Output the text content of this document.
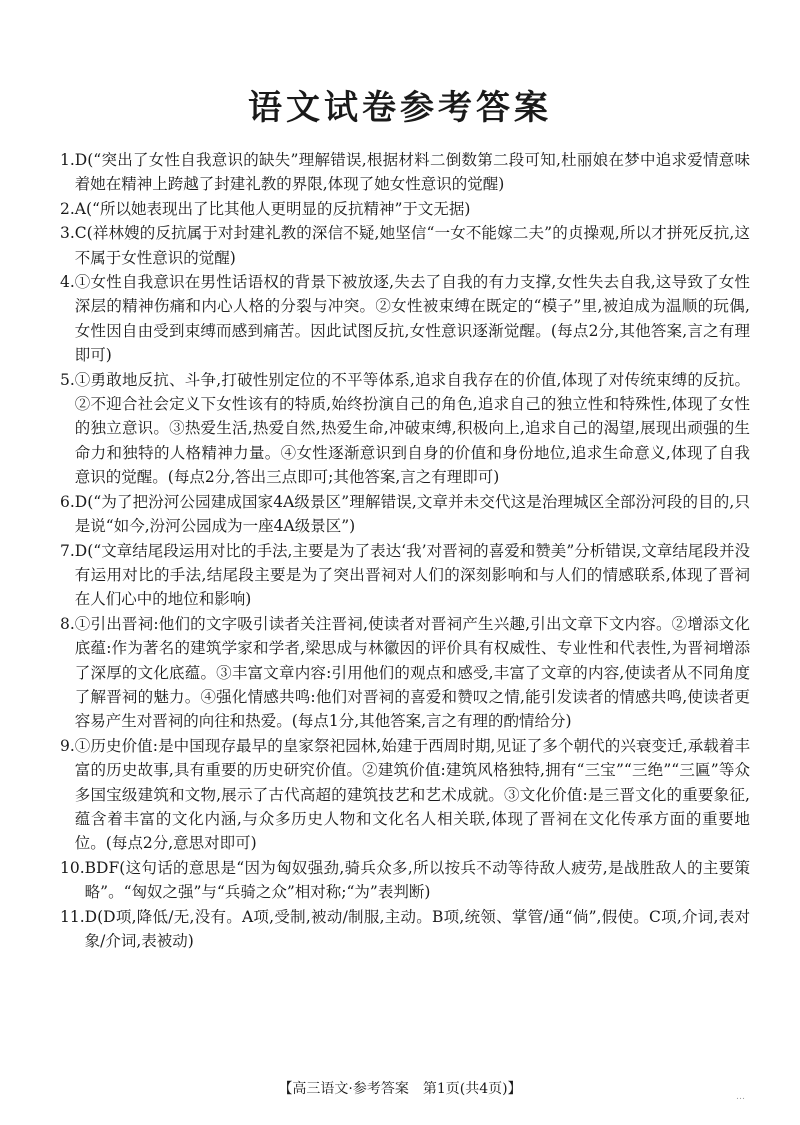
语文试卷参考答案
1. D(“突出了女性自我意识的缺失”理解错误,根据材料二倒数第二段可知,杜丽娘在梦中追求爱情意味着她在精神上跨越了封建礼教的界限,体现了她女性意识的觉醒)
2. A(“所以她表现出了比其他人更明显的反抗精神”于文无据)
3. C(祥林嫂的反抗属于对封建礼教的深信不疑,她坚信“一女不能嫁二夫”的贞操观,所以才拼死反抗,这不属于女性意识的觉醒)
4. ①女性自我意识在男性话语权的背景下被放逐,失去了自我的有力支撑,女性失去自我,这导致了女性深层的精神伤痛和内心人格的分裂与冲突。②女性被束缚在既定的“模子”里,被迫成为温顺的玩偶,女性因自由受到束缚而感到痛苦。因此试图反抗,女性意识逐渐觉醒。(每点2分,其他答案,言之有理即可)
5. ①勇敢地反抗、斗争,打破性别定位的不平等体系,追求自我存在的价值,体现了对传统束缚的反抗。②不迎合社会定义下女性该有的特质,始终扮演自己的角色,追求自己的独立性和特殊性,体现了女性的独立意识。③热爱生活,热爱自然,热爱生命,冲破束缚,积极向上,追求自己的渴望,展现出顽强的生命力和独特的人格精神力量。④女性逐渐意识到自身的价值和身份地位,追求生命意义,体现了自我意识的觉醒。(每点2分,答出三点即可;其他答案,言之有理即可)
6. D(“为了把汾河公园建成国家4A级景区”理解错误,文章并未交代这是治理城区全部汾河段的目的,只是说“如今,汾河公园成为一座4A级景区”)
7. D(“文章结尾段运用对比的手法,主要是为了表达‘我’对晋祠的喜爱和赞美”分析错误,文章结尾段并没有运用对比的手法,结尾段主要是为了突出晋祠对人们的深刻影响和与人们的情感联系,体现了晋祠在人们心中的地位和影响)
8. ①引出晋祠:他们的文字吸引读者关注晋祠,使读者对晋祠产生兴趣,引出文章下文内容。②增添文化底蕴:作为著名的建筑学家和学者,梁思成与林徽因的评价具有权威性、专业性和代表性,为晋祠增添了深厚的文化底蕴。③丰富文章内容:引用他们的观点和感受,丰富了文章的内容,使读者从不同角度了解晋祠的魅力。④强化情感共鸣:他们对晋祠的喜爱和赞叹之情,能引发读者的情感共鸣,使读者更容易产生对晋祠的向往和热爱。(每点1分,其他答案,言之有理的酌情给分)
9. ①历史价值:是中国现存最早的皇家祭祀园林,始建于西周时期,见证了多个朝代的兴衰变迁,承载着丰富的历史故事,具有重要的历史研究价值。②建筑价值:建筑风格独特,拥有“三宝”“三绝”“三匾”等众多国宝级建筑和文物,展示了古代高超的建筑技艺和艺术成就。③文化价值:是三晋文化的重要象征,蕴含着丰富的文化内涵,与众多历史人物和文化名人相关联,体现了晋祠在文化传承方面的重要地位。(每点2分,意思对即可)
10. BDF(这句话的意思是“因为匈奴强劲,骑兵众多,所以按兵不动等待敌人疲劳,是战胜敌人的主要策略”。“匈奴之强”与“兵骑之众”相对称;“为”表判断)
11. D(D项,降低/无,没有。A项,受制,被动/制服,主动。B项,统领、掌管/通“倘”,假使。C项,介词,表对象/介词,表被动)
【高三语文·参考答案　第1页(共4页)】	…
